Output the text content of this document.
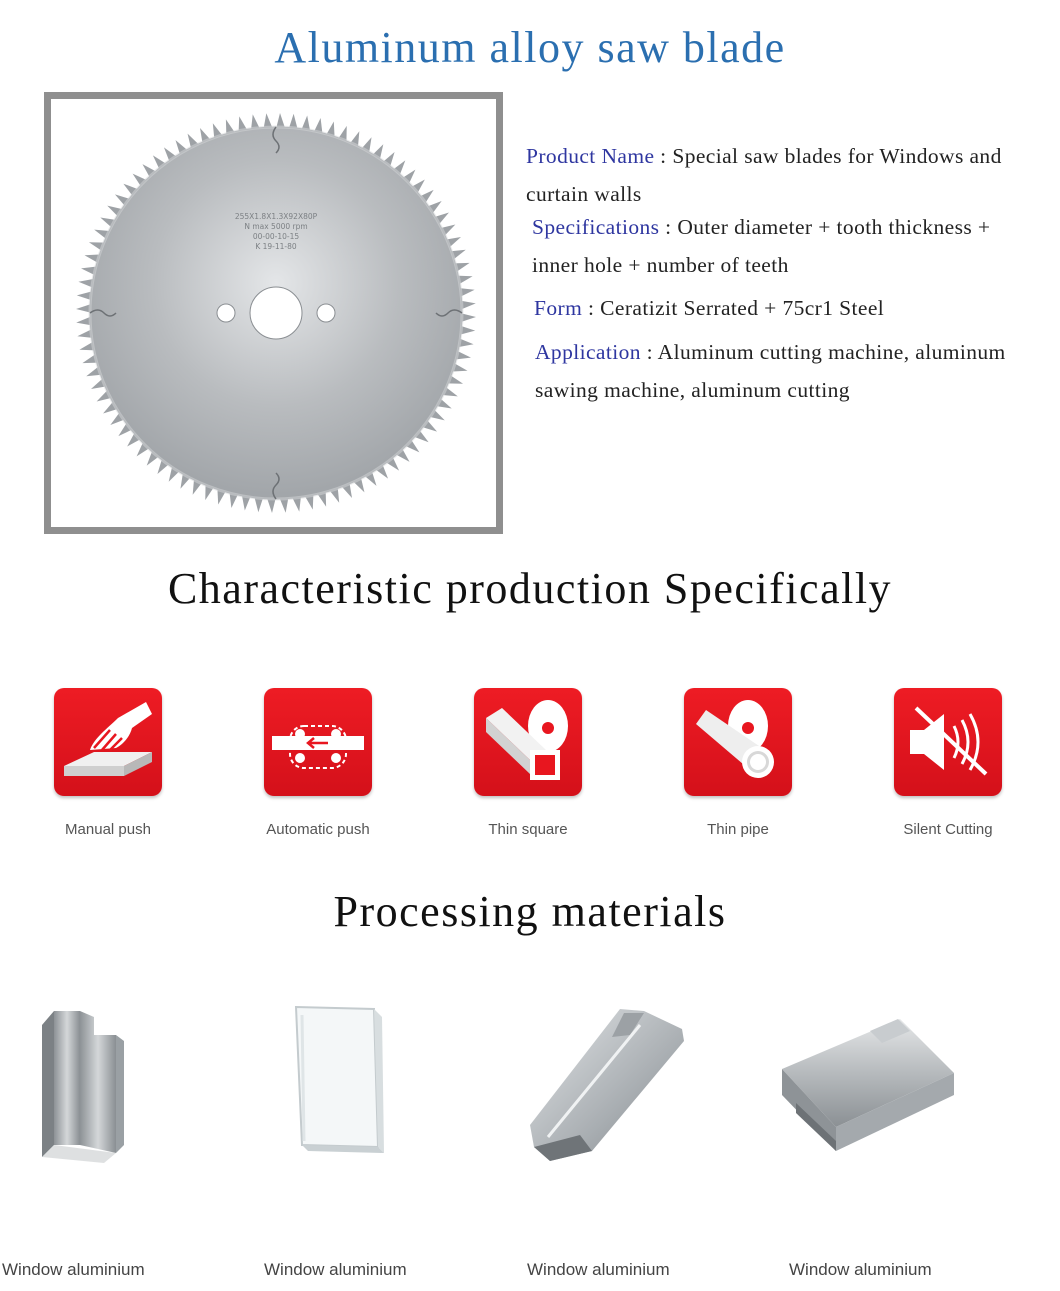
Aluminum alloy saw blade
255X1.8X1.3X92X80P
N max 5000 rpm
00-00-10-15
K 19-11-80
Product Name : Special saw blades for Windows and curtain walls
Specifications : Outer diameter + tooth thickness + inner hole + number of teeth
Form : Ceratizit Serrated + 75cr1 Steel
Application : Aluminum cutting machine, aluminum sawing machine, aluminum cutting
Characteristic production Specifically
Manual push	Automatic push	Thin square	Thin pipe	Silent Cutting
Processing materials
Window aluminium	Window aluminium	Window aluminium	Window aluminium
